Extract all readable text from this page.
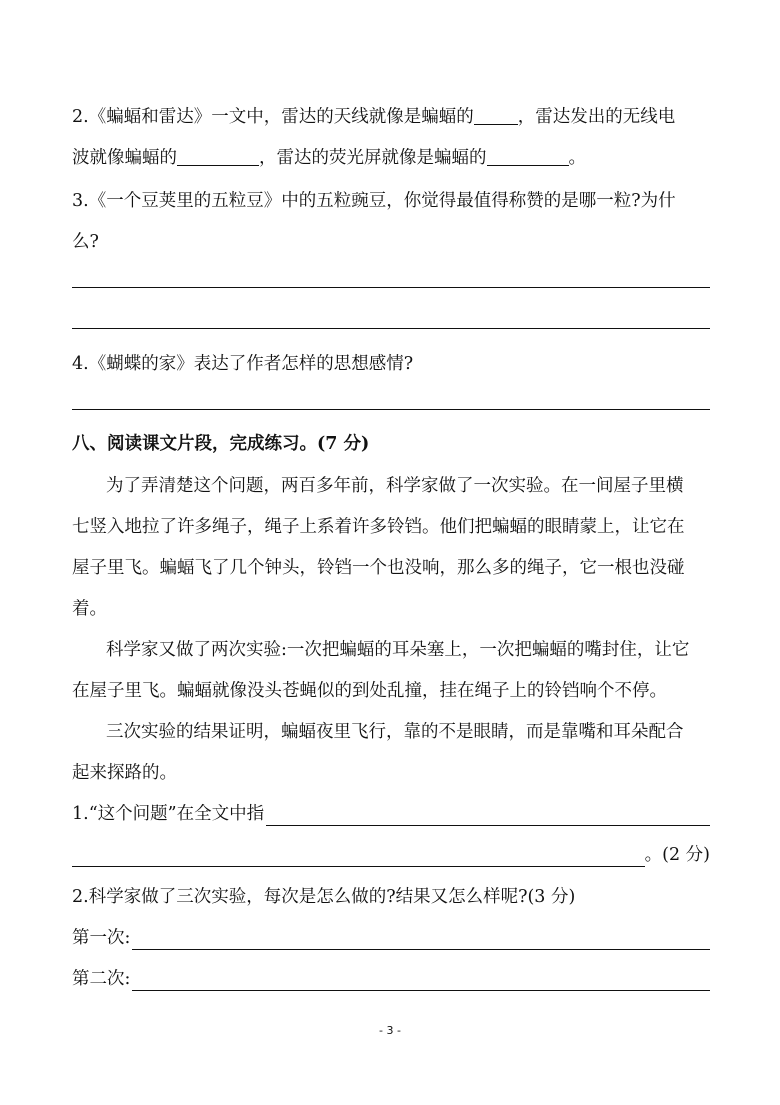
2.《蝙蝠和雷达》一文中，雷达的天线就像是蝙蝠的	，雷达发出的无线电
波就像蝙蝠的	，雷达的荧光屏就像是蝙蝠的	。
3.《一个豆荚里的五粒豆》中的五粒豌豆，你觉得最值得称赞的是哪一粒?为什
么?
4.《蝴蝶的家》表达了作者怎样的思想感情?
八、阅读课文片段，完成练习。(7 分)
为了弄清楚这个问题，两百多年前，科学家做了一次实验。在一间屋子里横
七竖入地拉了许多绳子，绳子上系着许多铃铛。他们把蝙蝠的眼睛蒙上，让它在
屋子里飞。蝙蝠飞了几个钟头，铃铛一个也没响，那么多的绳子，它一根也没碰
着。
科学家又做了两次实验:一次把蝙蝠的耳朵塞上，一次把蝙蝠的嘴封住，让它
在屋子里飞。蝙蝠就像没头苍蝇似的到处乱撞，挂在绳子上的铃铛响个不停。
三次实验的结果证明，蝙蝠夜里飞行，靠的不是眼睛，而是靠嘴和耳朵配合
起来探路的。
1.“这个问题”在全文中指
。(2 分)
2.科学家做了三次实验，每次是怎么做的?结果又怎么样呢?(3 分)
第一次:
第二次:
- 3 -
